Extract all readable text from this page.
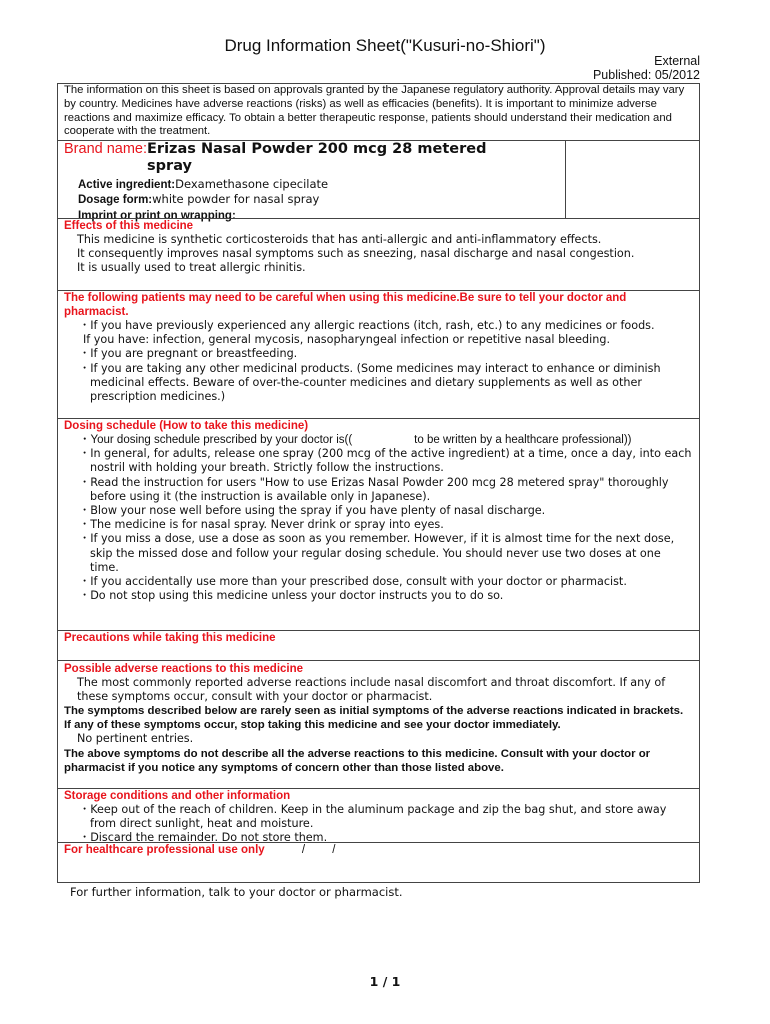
Drug Information Sheet("Kusuri-no-Shiori")
External
Published: 05/2012
The information on this sheet is based on approvals granted by the Japanese regulatory authority. Approval details may vary by country. Medicines have adverse reactions (risks) as well as efficacies (benefits). It is important to minimize adverse reactions and maximize efficacy. To obtain a better therapeutic response, patients should understand their medication and cooperate with the treatment.
Brand name:Erizas Nasal Powder 200 mcg 28 metered spray
Active ingredient:Dexamethasone cipecilate
Dosage form:white powder for nasal spray
Imprint or print on wrapping:
Effects of this medicine
This medicine is synthetic corticosteroids that has anti-allergic and anti-inflammatory effects.
It consequently improves nasal symptoms such as sneezing, nasal discharge and nasal congestion.
It is usually used to treat allergic rhinitis.
The following patients may need to be careful when using this medicine.Be sure to tell your doctor and pharmacist.
・If you have previously experienced any allergic reactions (itch, rash, etc.) to any medicines or foods.
If you have: infection, general mycosis, nasopharyngeal infection or repetitive nasal bleeding.
・If you are pregnant or breastfeeding.
・If you are taking any other medicinal products. (Some medicines may interact to enhance or diminish medicinal effects. Beware of over-the-counter medicines and dietary supplements as well as other prescription medicines.)
Dosing schedule (How to take this medicine)
・Your dosing schedule prescribed by your doctor is((	to be written by a healthcare professional))
・In general, for adults, release one spray (200 mcg of the active ingredient) at a time, once a day, into each nostril with holding your breath. Strictly follow the instructions.
・Read the instruction for users "How to use Erizas Nasal Powder 200 mcg 28 metered spray" thoroughly before using it (the instruction is available only in Japanese).
・Blow your nose well before using the spray if you have plenty of nasal discharge.
・The medicine is for nasal spray. Never drink or spray into eyes.
・If you miss a dose, use a dose as soon as you remember. However, if it is almost time for the next dose, skip the missed dose and follow your regular dosing schedule. You should never use two doses at one time.
・If you accidentally use more than your prescribed dose, consult with your doctor or pharmacist.
・Do not stop using this medicine unless your doctor instructs you to do so.
Precautions while taking this medicine
Possible adverse reactions to this medicine
The most commonly reported adverse reactions include nasal discomfort and throat discomfort. If any of these symptoms occur, consult with your doctor or pharmacist.
The symptoms described below are rarely seen as initial symptoms of the adverse reactions indicated in brackets. If any of these symptoms occur, stop taking this medicine and see your doctor immediately.
No pertinent entries.
The above symptoms do not describe all the adverse reactions to this medicine. Consult with your doctor or pharmacist if you notice any symptoms of concern other than those listed above.
Storage conditions and other information
・Keep out of the reach of children. Keep in the aluminum package and zip the bag shut, and store away from direct sunlight, heat and moisture.
・Discard the remainder. Do not store them.
For healthcare professional use only	/ /
For further information, talk to your doctor or pharmacist.
1 / 1
